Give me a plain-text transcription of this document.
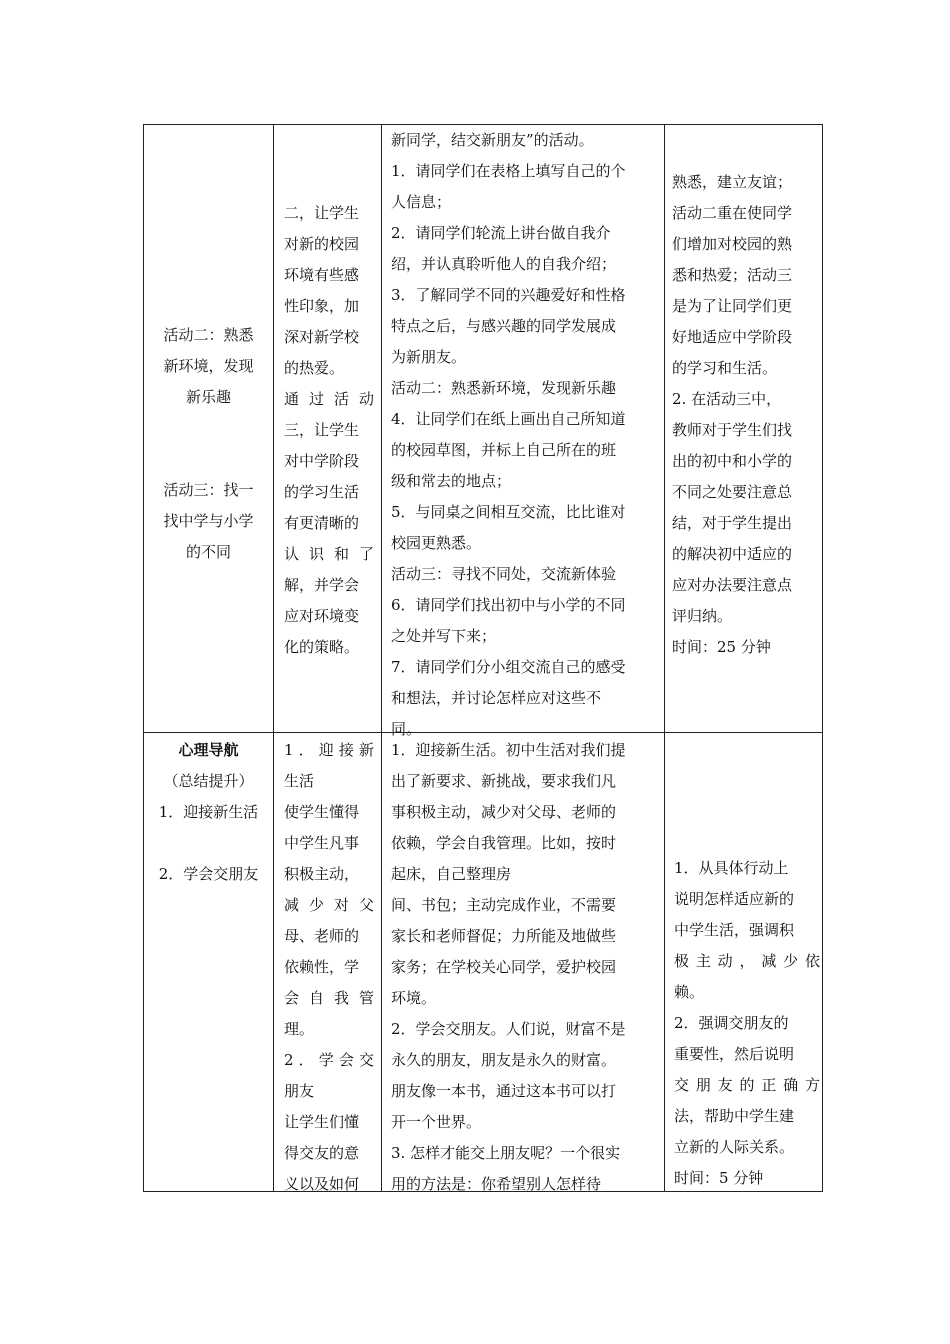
活动二：熟悉

新环境，发现

新乐趣

活动三：找一

找中学与小学

的不同

二，让学生

对新的校园

环境有些感

性印象，加

深对新学校

的热爱。

通过活动

三，让学生

对中学阶段

的学习生活

有更清晰的

认识和了

解，并学会

应对环境变

化的策略。

新同学，结交新朋友”的活动。

1．请同学们在表格上填写自己的个

人信息；

2．请同学们轮流上讲台做自我介

绍，并认真聆听他人的自我介绍；

3．了解同学不同的兴趣爱好和性格

特点之后，与感兴趣的同学发展成

为新朋友。

活动二：熟悉新环境，发现新乐趣

4．让同学们在纸上画出自己所知道

的校园草图，并标上自己所在的班

级和常去的地点；

5．与同桌之间相互交流，比比谁对

校园更熟悉。

活动三：寻找不同处，交流新体验

6．请同学们找出初中与小学的不同

之处并写下来；

7．请同学们分小组交流自己的感受

和想法，并讨论怎样应对这些不

同。

熟悉，建立友谊；

活动二重在使同学

们增加对校园的熟

悉和热爱；活动三

是为了让同学们更

好地适应中学阶段

的学习和生活。

2. 在活动三中，

教师对于学生们找

出的初中和小学的

不同之处要注意总

结，对于学生提出

的解决初中适应的

应对办法要注意点

评归纳。

时间：25 分钟

心理导航

（总结提升）

1．迎接新生活

2．学会交朋友

1．迎接新

生活

使学生懂得

中学生凡事

积极主动，

减少对父

母、老师的

依赖性，学

会自我管

理。

2．学会交

朋友

让学生们懂

得交友的意

义以及如何

1．迎接新生活。初中生活对我们提

出了新要求、新挑战，要求我们凡

事积极主动，减少对父母、老师的

依赖，学会自我管理。比如，按时

起床，自己整理房

间、书包；主动完成作业，不需要

家长和老师督促；力所能及地做些

家务；在学校关心同学，爱护校园

环境。

2．学会交朋友。人们说，财富不是

永久的朋友，朋友是永久的财富。

朋友像一本书，通过这本书可以打

开一个世界。

3. 怎样才能交上朋友呢？一个很实

用的方法是：你希望别人怎样待

1．从具体行动上

说明怎样适应新的

中学生活，强调积

极主动，减少依

赖。

2．强调交朋友的

重要性，然后说明

交朋友的正确方

法，帮助中学生建

立新的人际关系。

时间：5 分钟
